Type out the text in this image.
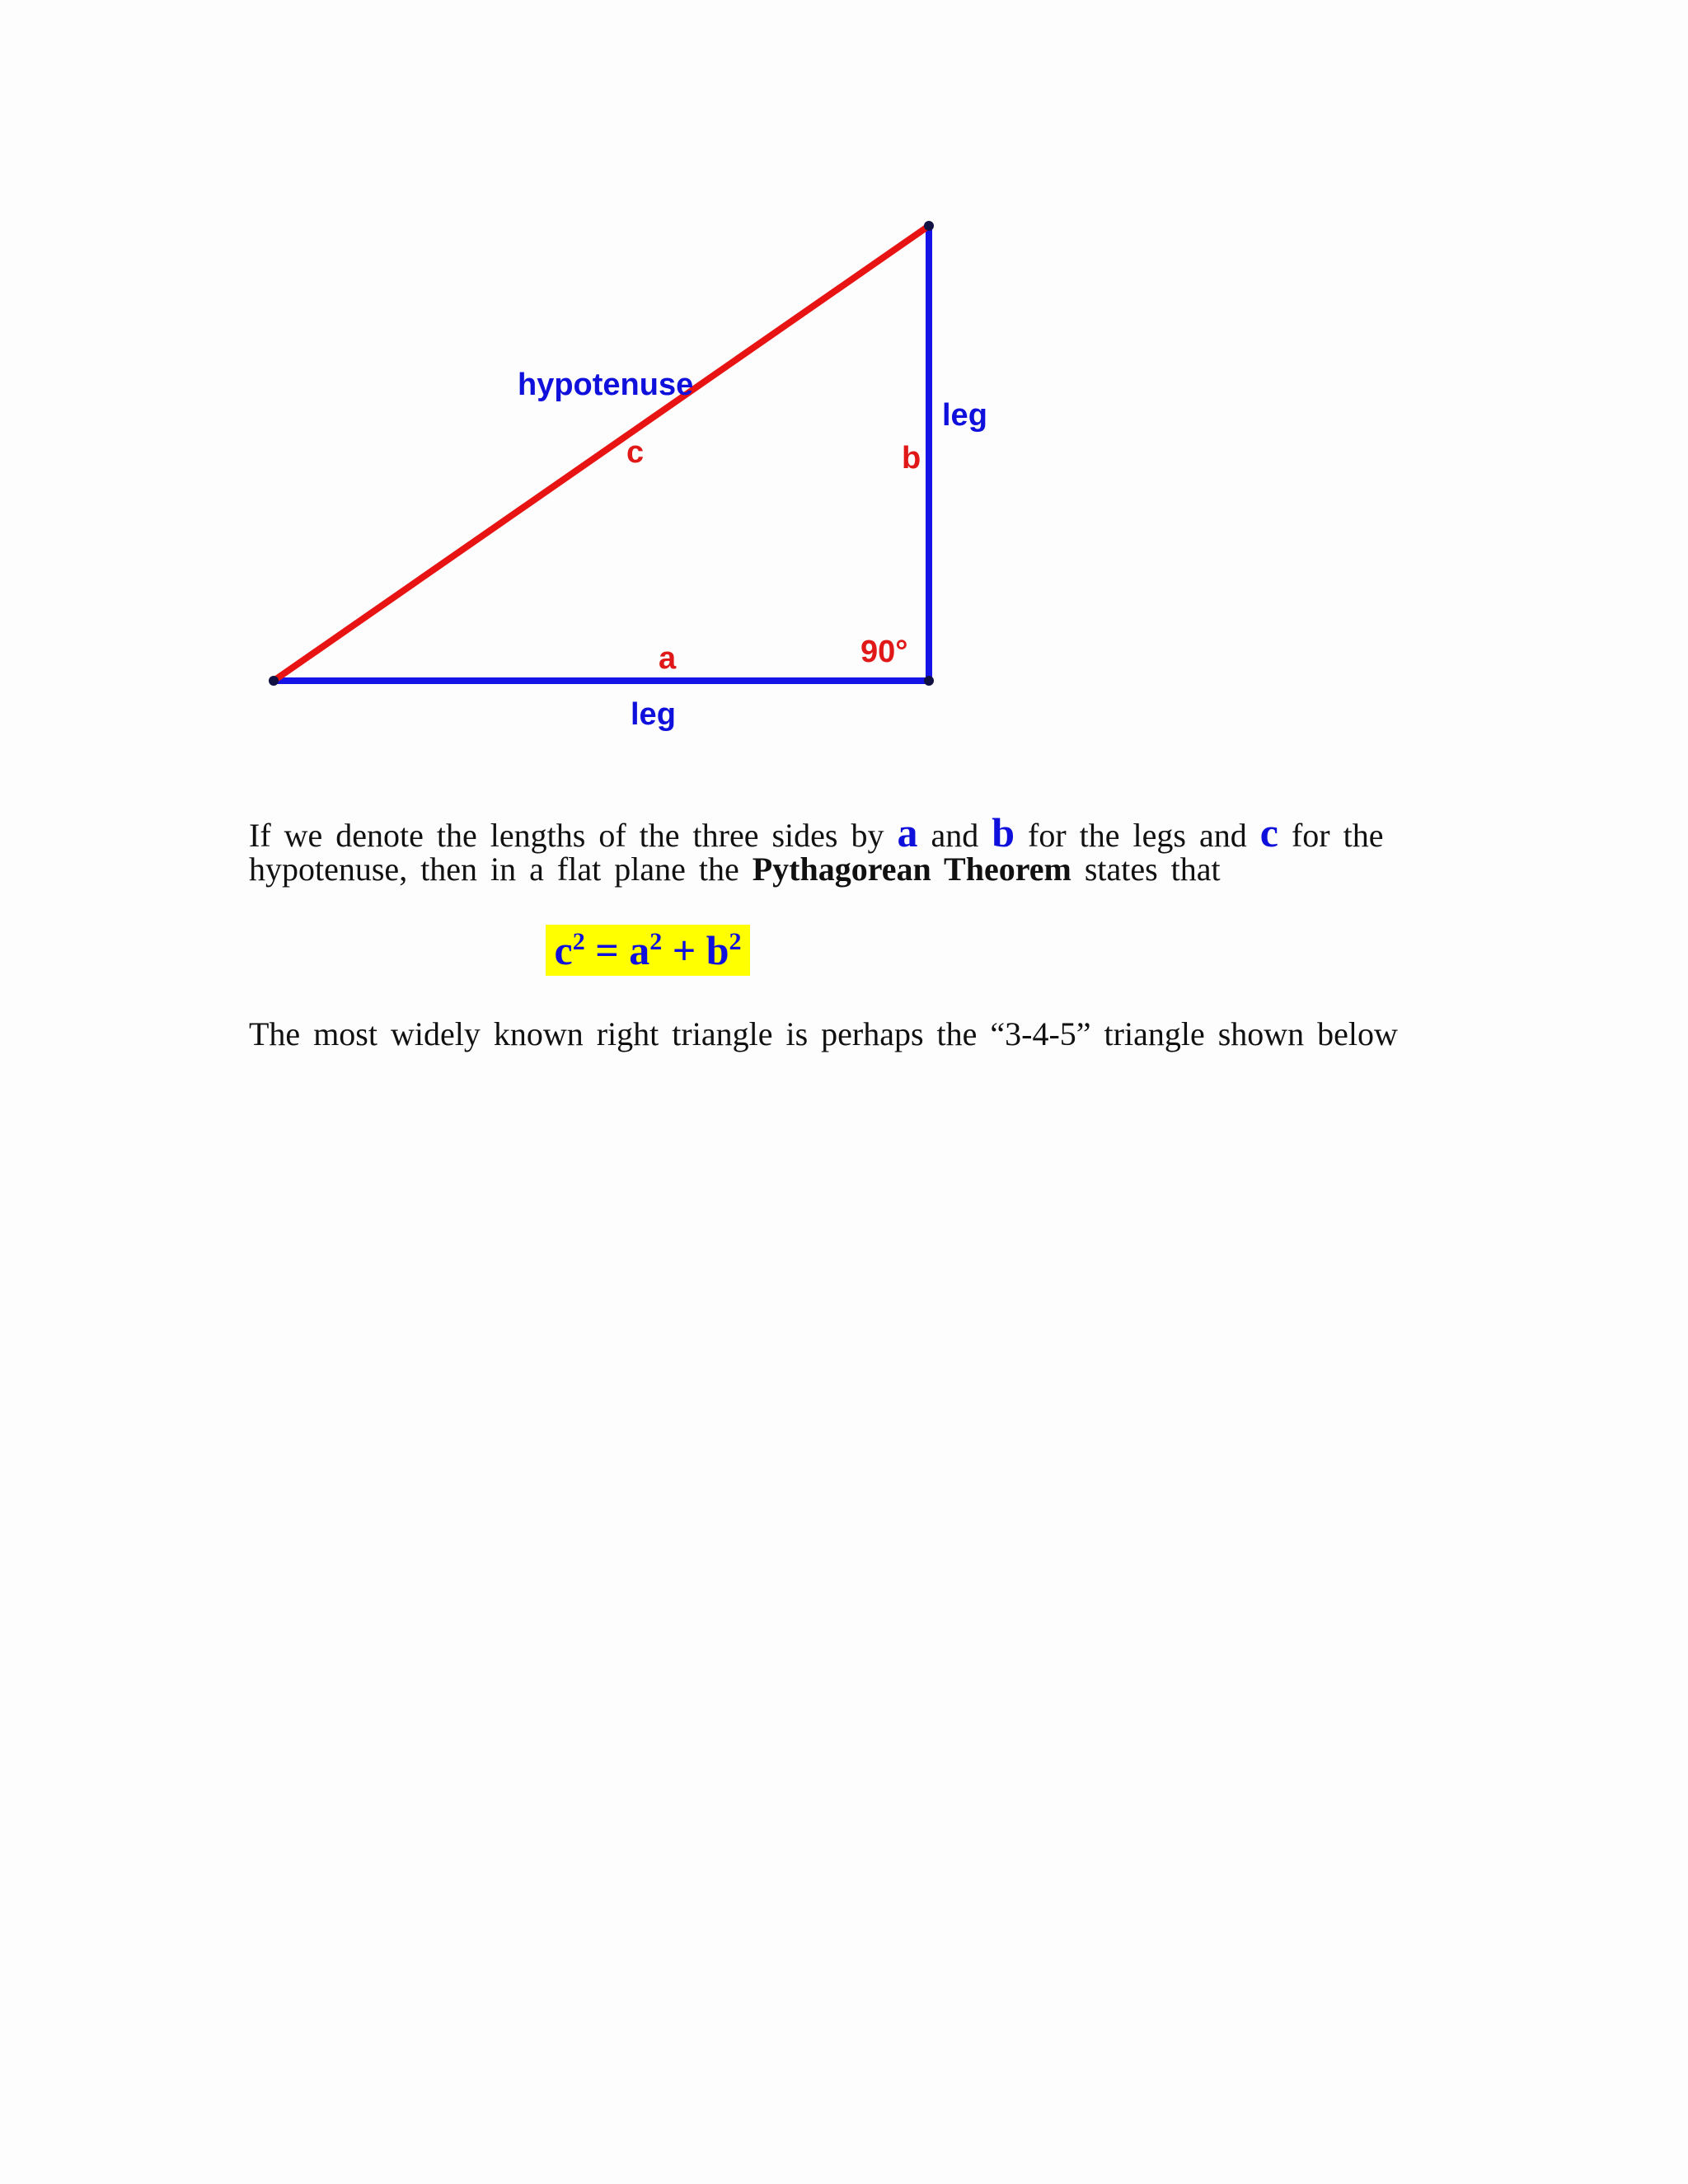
hypotenuse
leg
c	b
a	90°
leg
If we denote the lengths of the three sides by a and b for the legs and c for the
hypotenuse, then in a flat plane the Pythagorean Theorem states that
$c^2 = a^2 + b^2$
The most widely known right triangle is perhaps the “3-4-5” triangle shown below
